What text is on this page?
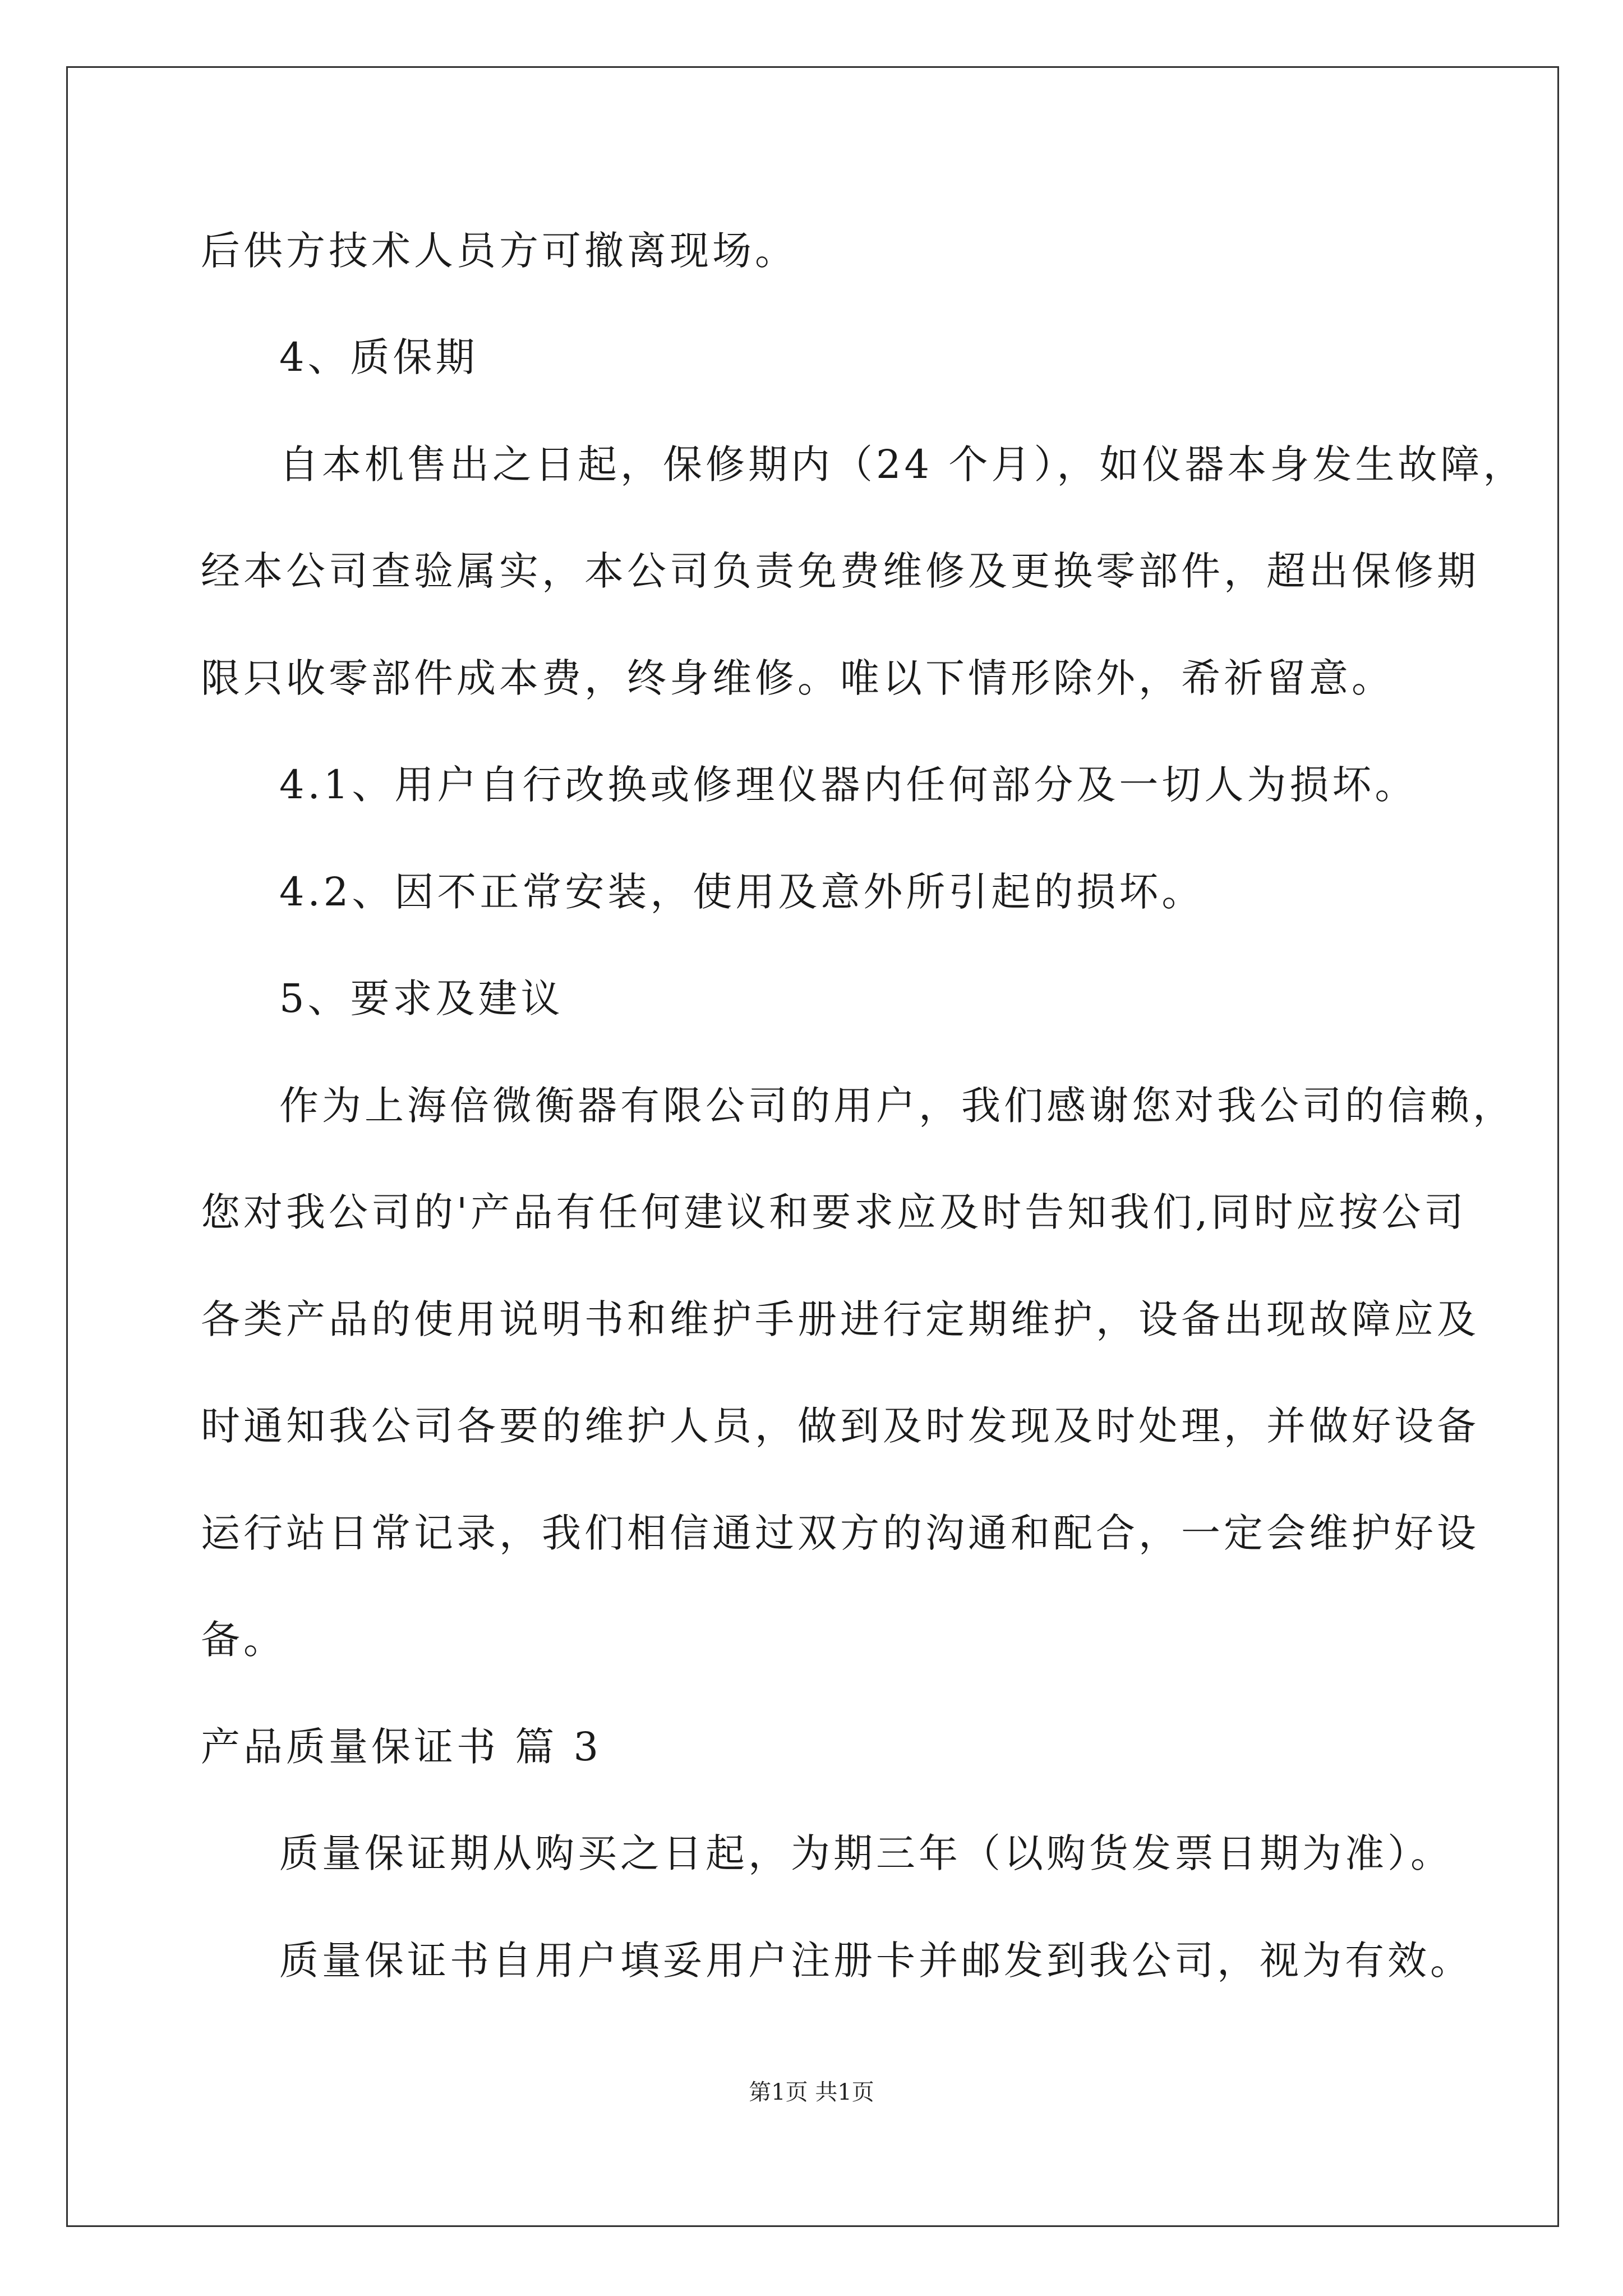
后供方技术人员方可撤离现场。
4、质保期
自本机售出之日起，保修期内（24 个月），如仪器本身发生故障，
经本公司查验属实，本公司负责免费维修及更换零部件，超出保修期
限只收零部件成本费，终身维修。唯以下情形除外，希祈留意。
4.1、用户自行改换或修理仪器内任何部分及一切人为损坏。
4.2、因不正常安装，使用及意外所引起的损坏。
5、要求及建议
作为上海倍微衡器有限公司的用户，我们感谢您对我公司的信赖，
您对我公司的'产品有任何建议和要求应及时告知我们,同时应按公司
各类产品的使用说明书和维护手册进行定期维护，设备出现故障应及
时通知我公司各要的维护人员，做到及时发现及时处理，并做好设备
运行站日常记录，我们相信通过双方的沟通和配合，一定会维护好设
备。
产品质量保证书 篇 3
质量保证期从购买之日起，为期三年（以购货发票日期为准）。
质量保证书自用户填妥用户注册卡并邮发到我公司，视为有效。
第1页 共1页
